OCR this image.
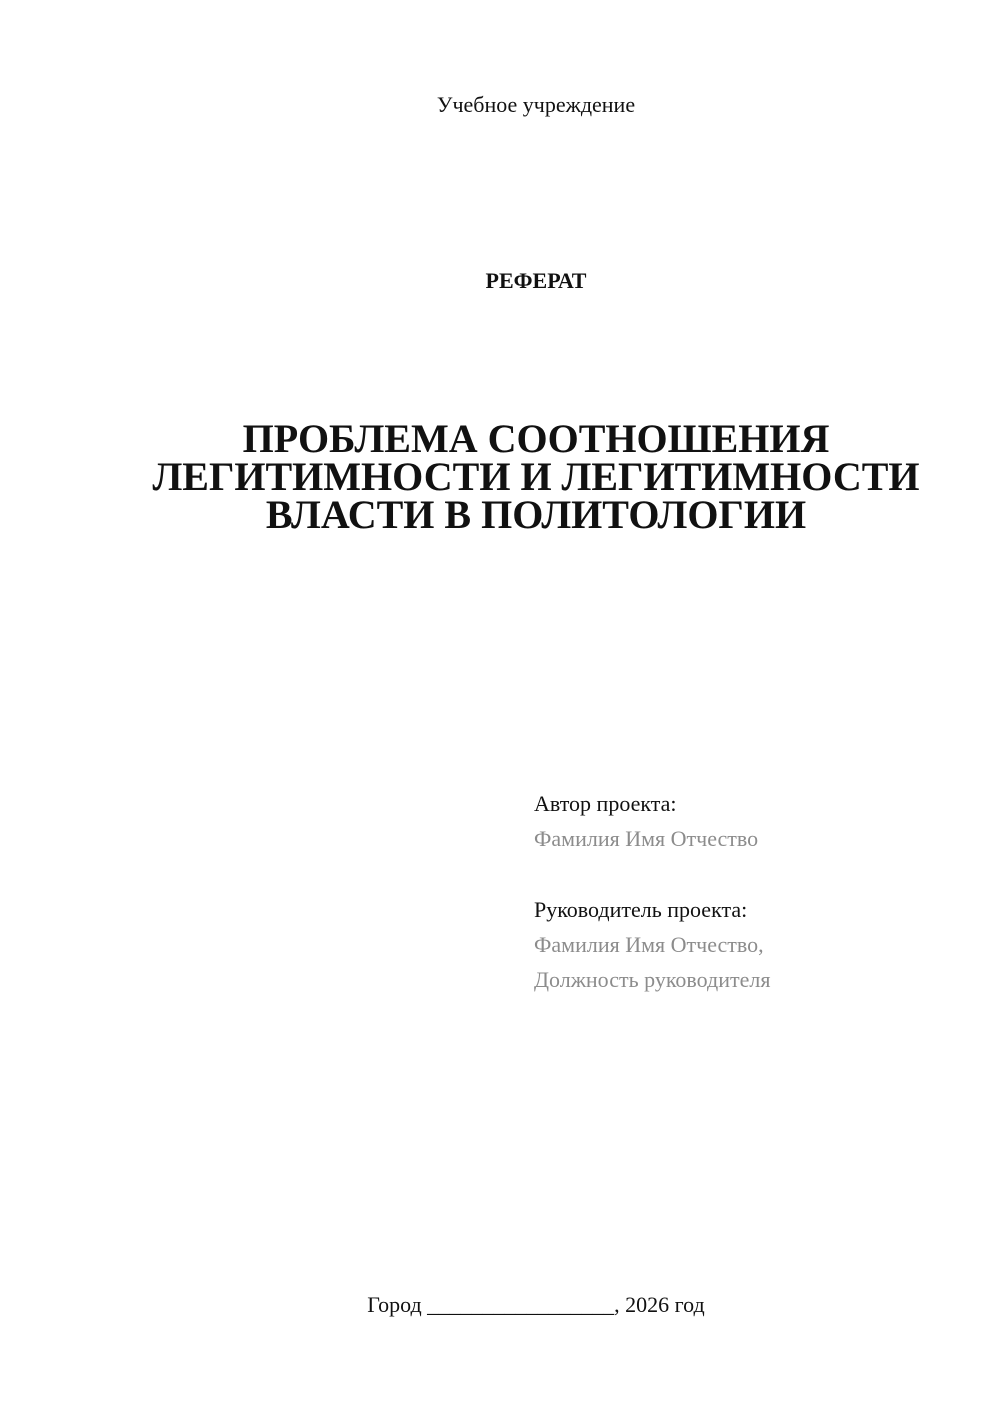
Учебное учреждение
РЕФЕРАТ
ПРОБЛЕМА СООТНОШЕНИЯ
ЛЕГИТИМНОСТИ И ЛЕГИТИМНОСТИ
ВЛАСТИ В ПОЛИТОЛОГИИ
Автор проекта:
Фамилия Имя Отчество
Руководитель проекта:
Фамилия Имя Отчество,
Должность руководителя
Город _________________, 2026 год
